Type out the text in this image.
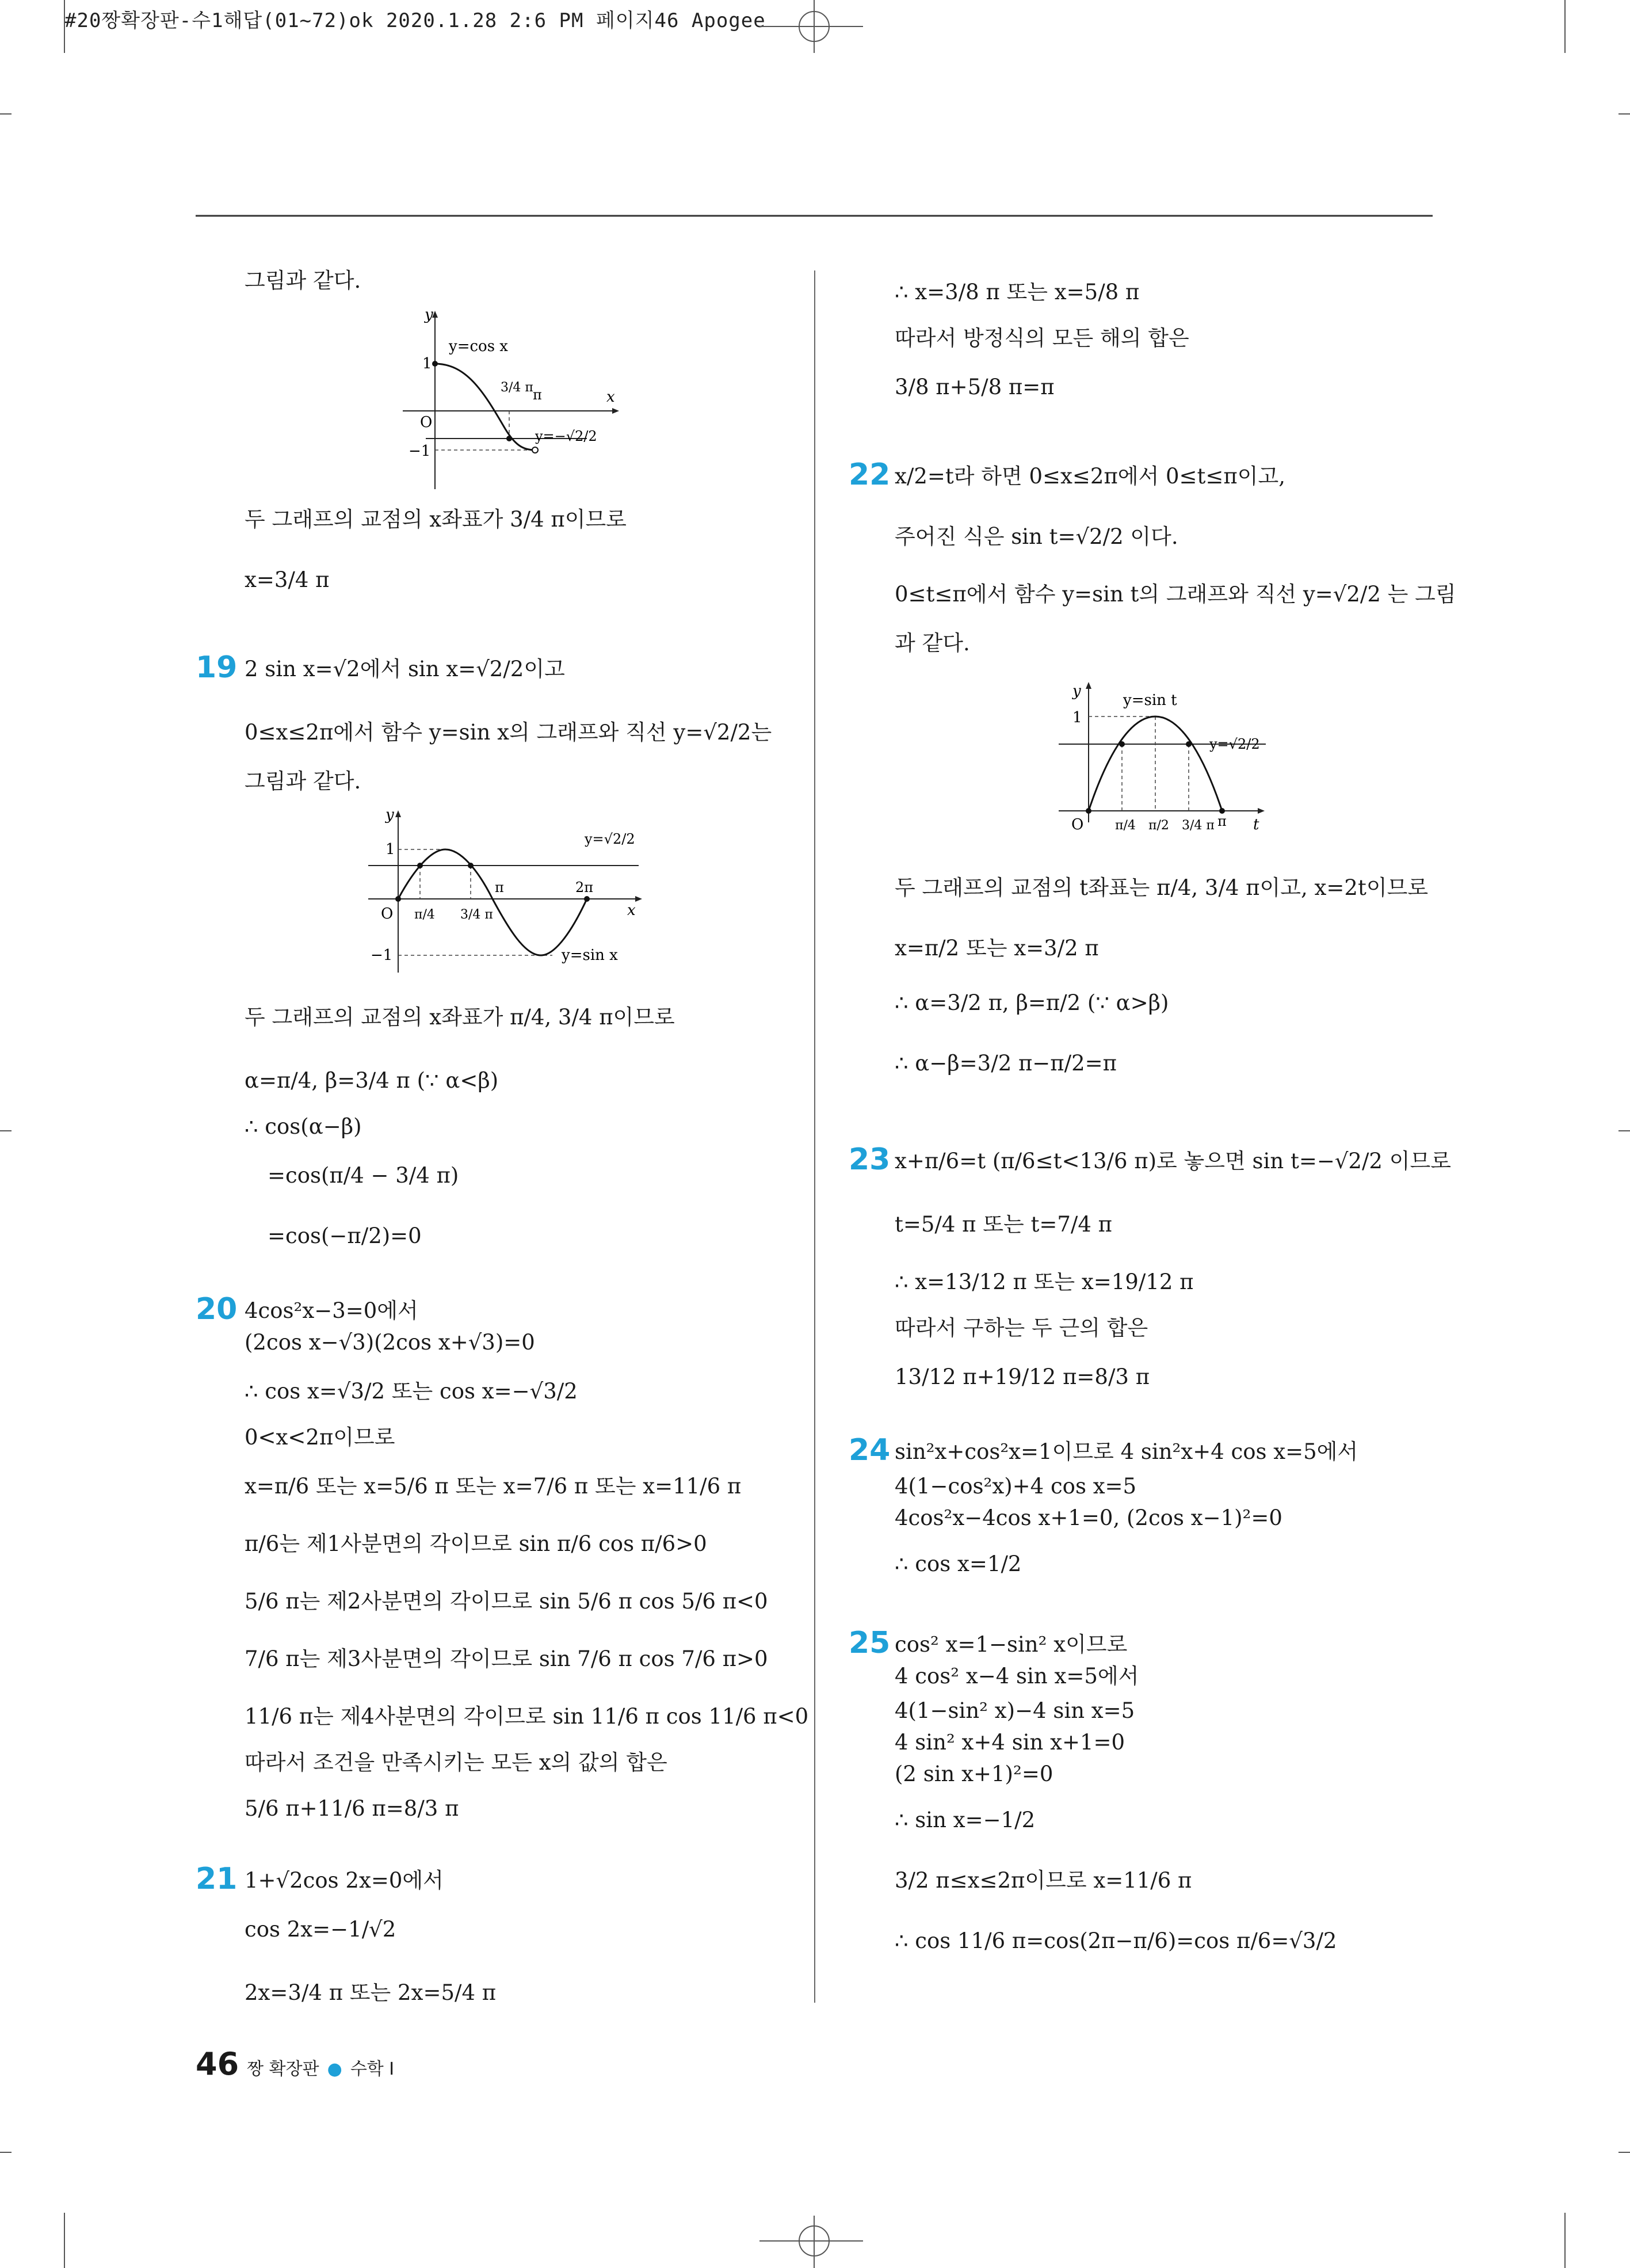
#20짱확장판-수1해답(01~72)ok 2020.1.28 2:6 PM 페이지46 Apogee
그림과 같다.
y
x
O
1
−1
y=cos x
3/4 π π
y=−√2/2
두 그래프의 교점의 x좌표가 3/4 π이므로
x=3/4 π
19 2 sin x=√2에서 sin x=√2/2이고
0≤x≤2π에서 함수 y=sin x의 그래프와 직선 y=√2/2는
그림과 같다.
y
x
O
1
−1
π/4 3/4 π
π	2π
y=√2/2
y=sin x
두 그래프의 교점의 x좌표가 π/4, 3/4 π이므로
α=π/4, β=3/4 π (∵ α<β)
∴ cos(α−β)
=cos(π/4 − 3/4 π)
=cos(−π/2)=0
20 4cos²x−3=0에서
(2cos x−√3)(2cos x+√3)=0
∴ cos x=√3/2 또는 cos x=−√3/2
0<x<2π이므로
x=π/6 또는 x=5/6 π 또는 x=7/6 π 또는 x=11/6 π
π/6는 제1사분면의 각이므로 sin π/6 cos π/6>0
5/6 π는 제2사분면의 각이므로 sin 5/6 π cos 5/6 π<0
7/6 π는 제3사분면의 각이므로 sin 7/6 π cos 7/6 π>0
11/6 π는 제4사분면의 각이므로 sin 11/6 π cos 11/6 π<0
따라서 조건을 만족시키는 모든 x의 값의 합은
5/6 π+11/6 π=8/3 π
21 1+√2cos 2x=0에서
cos 2x=−1/√2
2x=3/4 π 또는 2x=5/4 π
∴ x=3/8 π 또는 x=5/8 π
따라서 방정식의 모든 해의 합은
3/8 π+5/8 π=π
22 x/2=t라 하면 0≤x≤2π에서 0≤t≤π이고,
주어진 식은 sin t=√2/2 이다.
0≤t≤π에서 함수 y=sin t의 그래프와 직선 y=√2/2 는 그림
과 같다.
y
t
O
1
y=sin t
y=√2/2
π/4 π/2 3/4 π π
두 그래프의 교점의 t좌표는 π/4, 3/4 π이고, x=2t이므로
x=π/2 또는 x=3/2 π
∴ α=3/2 π, β=π/2 (∵ α>β)
∴ α−β=3/2 π−π/2=π
23 x+π/6=t (π/6≤t<13/6 π)로 놓으면 sin t=−√2/2 이므로
t=5/4 π 또는 t=7/4 π
∴ x=13/12 π 또는 x=19/12 π
따라서 구하는 두 근의 합은
13/12 π+19/12 π=8/3 π
24 sin²x+cos²x=1이므로 4 sin²x+4 cos x=5에서
4(1−cos²x)+4 cos x=5
4cos²x−4cos x+1=0, (2cos x−1)²=0
∴ cos x=1/2
25 cos² x=1−sin² x이므로
4 cos² x−4 sin x=5에서
4(1−sin² x)−4 sin x=5
4 sin² x+4 sin x+1=0
(2 sin x+1)²=0
∴ sin x=−1/2
3/2 π≤x≤2π이므로 x=11/6 π
∴ cos 11/6 π=cos(2π−π/6)=cos π/6=√3/2
46 짱 확장판 ● 수학 I
